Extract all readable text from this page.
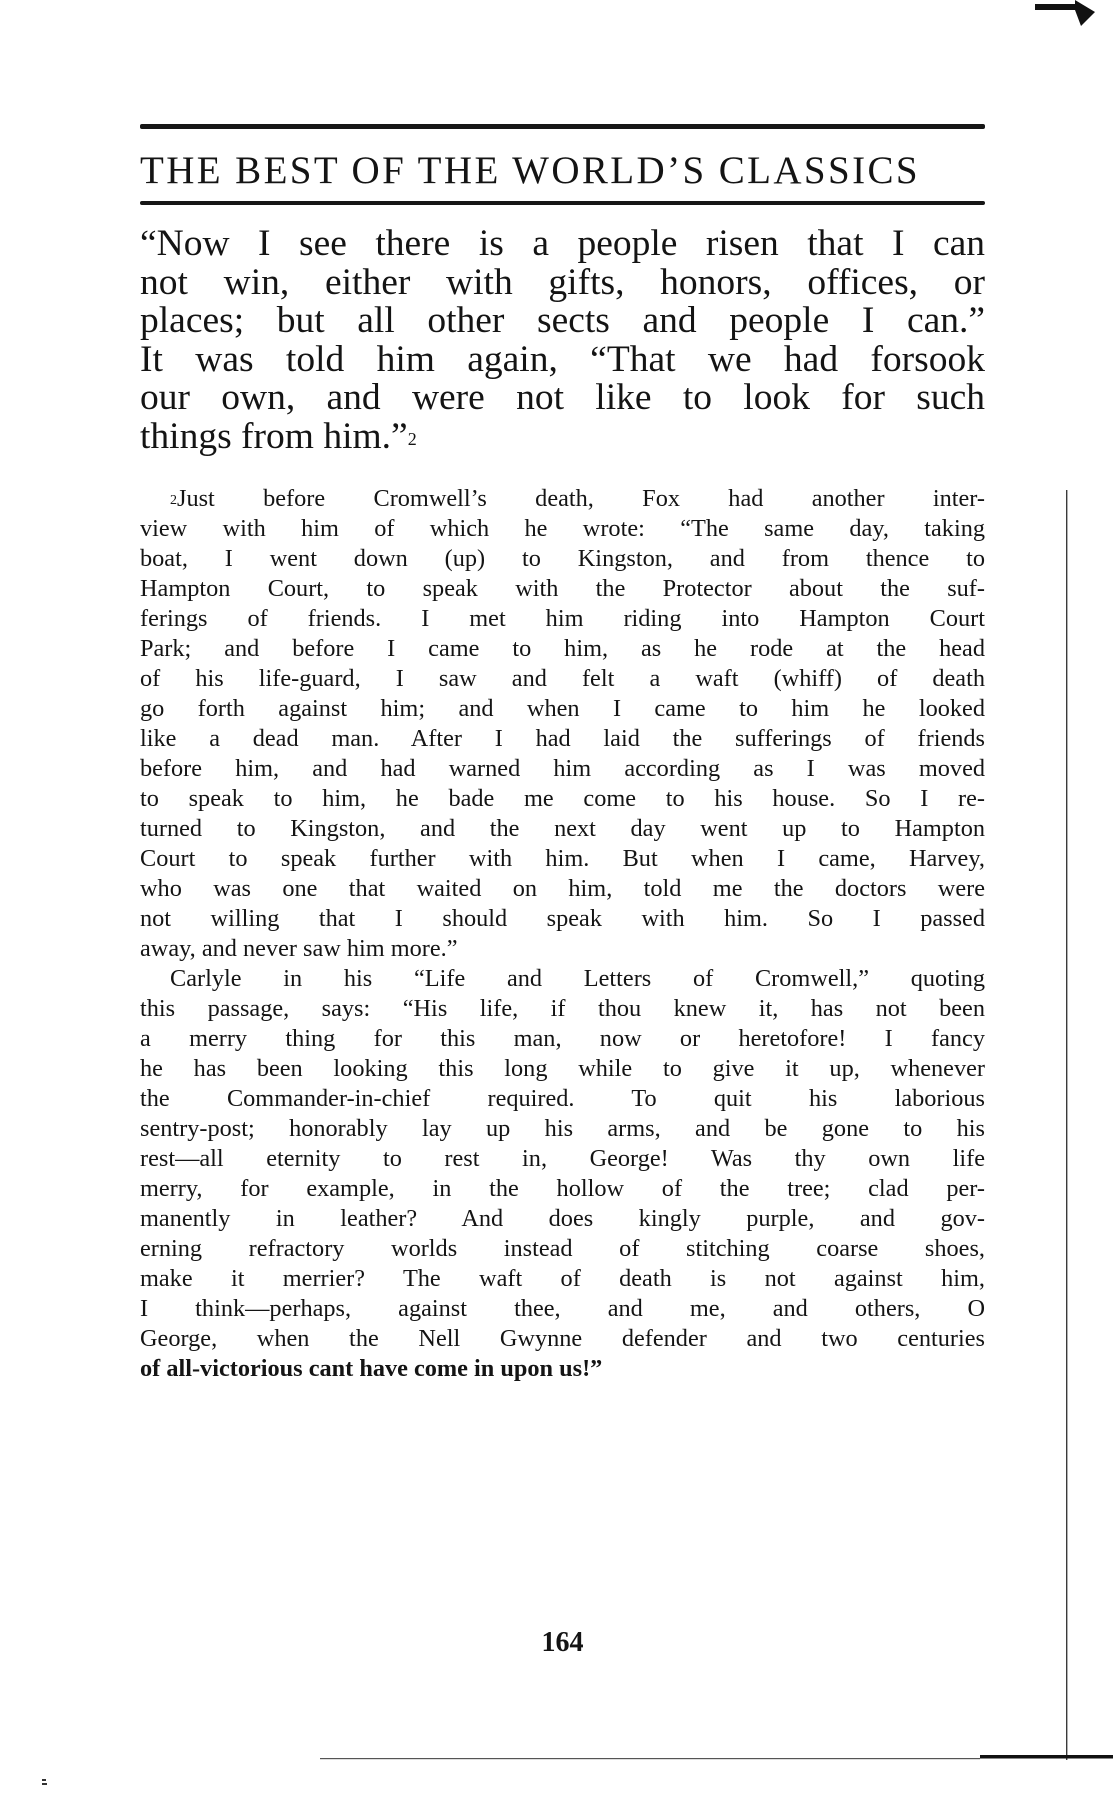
THE BEST OF THE WORLD’S CLASSICS
“Now I see there is a people risen that I can
not win, either with gifts, honors, offices, or
places; but all other sects and people I can.”
It was told him again, “That we had forsook
our own, and were not like to look for such
things from him.”$^2$
$^2$Just before Cromwell’s death, Fox had another inter-
view with him of which he wrote: “The same day, taking
boat, I went down (up) to Kingston, and from thence to
Hampton Court, to speak with the Protector about the suf-
ferings of friends. I met him riding into Hampton Court
Park; and before I came to him, as he rode at the head
of his life-guard, I saw and felt a waft (whiff) of death
go forth against him; and when I came to him he looked
like a dead man. After I had laid the sufferings of friends
before him, and had warned him according as I was moved
to speak to him, he bade me come to his house. So I re-
turned to Kingston, and the next day went up to Hampton
Court to speak further with him. But when I came, Harvey,
who was one that waited on him, told me the doctors were
not willing that I should speak with him. So I passed
away, and never saw him more.”
Carlyle in his “Life and Letters of Cromwell,” quoting
this passage, says: “His life, if thou knew it, has not been
a merry thing for this man, now or heretofore! I fancy
he has been looking this long while to give it up, whenever
the Commander-in-chief required. To quit his laborious
sentry-post; honorably lay up his arms, and be gone to his
rest—all eternity to rest in, George! Was thy own life
merry, for example, in the hollow of the tree; clad per-
manently in leather? And does kingly purple, and gov-
erning refractory worlds instead of stitching coarse shoes,
make it merrier? The waft of death is not against him,
I think—perhaps, against thee, and me, and others, O
George, when the Nell Gwynne defender and two centuries
of all-victorious cant have come in upon us!”
164
